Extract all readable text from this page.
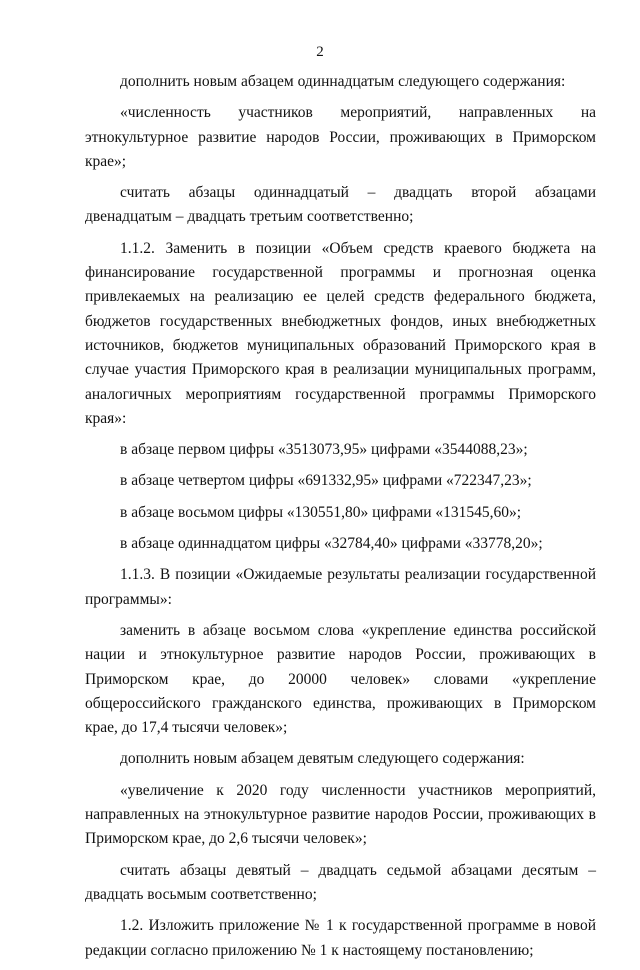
2

дополнить новым абзацем одиннадцатым следующего содержания:

«численность участников мероприятий, направленных на этнокультурное развитие народов России, проживающих в Приморском крае»;

считать абзацы одиннадцатый – двадцать второй абзацами двенадцатым – двадцать третьим соответственно;

1.1.2. Заменить в позиции «Объем средств краевого бюджета на финансирование государственной программы и прогнозная оценка привлекаемых на реализацию ее целей средств федерального бюджета, бюджетов государственных внебюджетных фондов, иных внебюджетных источников, бюджетов муниципальных образований Приморского края в случае участия Приморского края в реализации муниципальных программ, аналогичных мероприятиям государственной программы Приморского края»:

в абзаце первом цифры «3513073,95» цифрами «3544088,23»;

в абзаце четвертом цифры «691332,95» цифрами «722347,23»;

в абзаце восьмом цифры «130551,80» цифрами «131545,60»;

в абзаце одиннадцатом цифры «32784,40» цифрами «33778,20»;

1.1.3. В позиции «Ожидаемые результаты реализации государственной программы»:

заменить в абзаце восьмом слова «укрепление единства российской нации и этнокультурное развитие народов России, проживающих в Приморском крае, до 20000 человек» словами «укрепление общероссийского гражданского единства, проживающих в Приморском крае, до 17,4 тысячи человек»;

дополнить новым абзацем девятым следующего содержания:

«увеличение к 2020 году численности участников мероприятий, направленных на этнокультурное развитие народов России, проживающих в Приморском крае, до 2,6 тысячи человек»;

считать абзацы девятый – двадцать седьмой абзацами десятым – двадцать восьмым соответственно;

1.2. Изложить приложение № 1 к государственной программе в новой редакции согласно приложению № 1 к настоящему постановлению;
